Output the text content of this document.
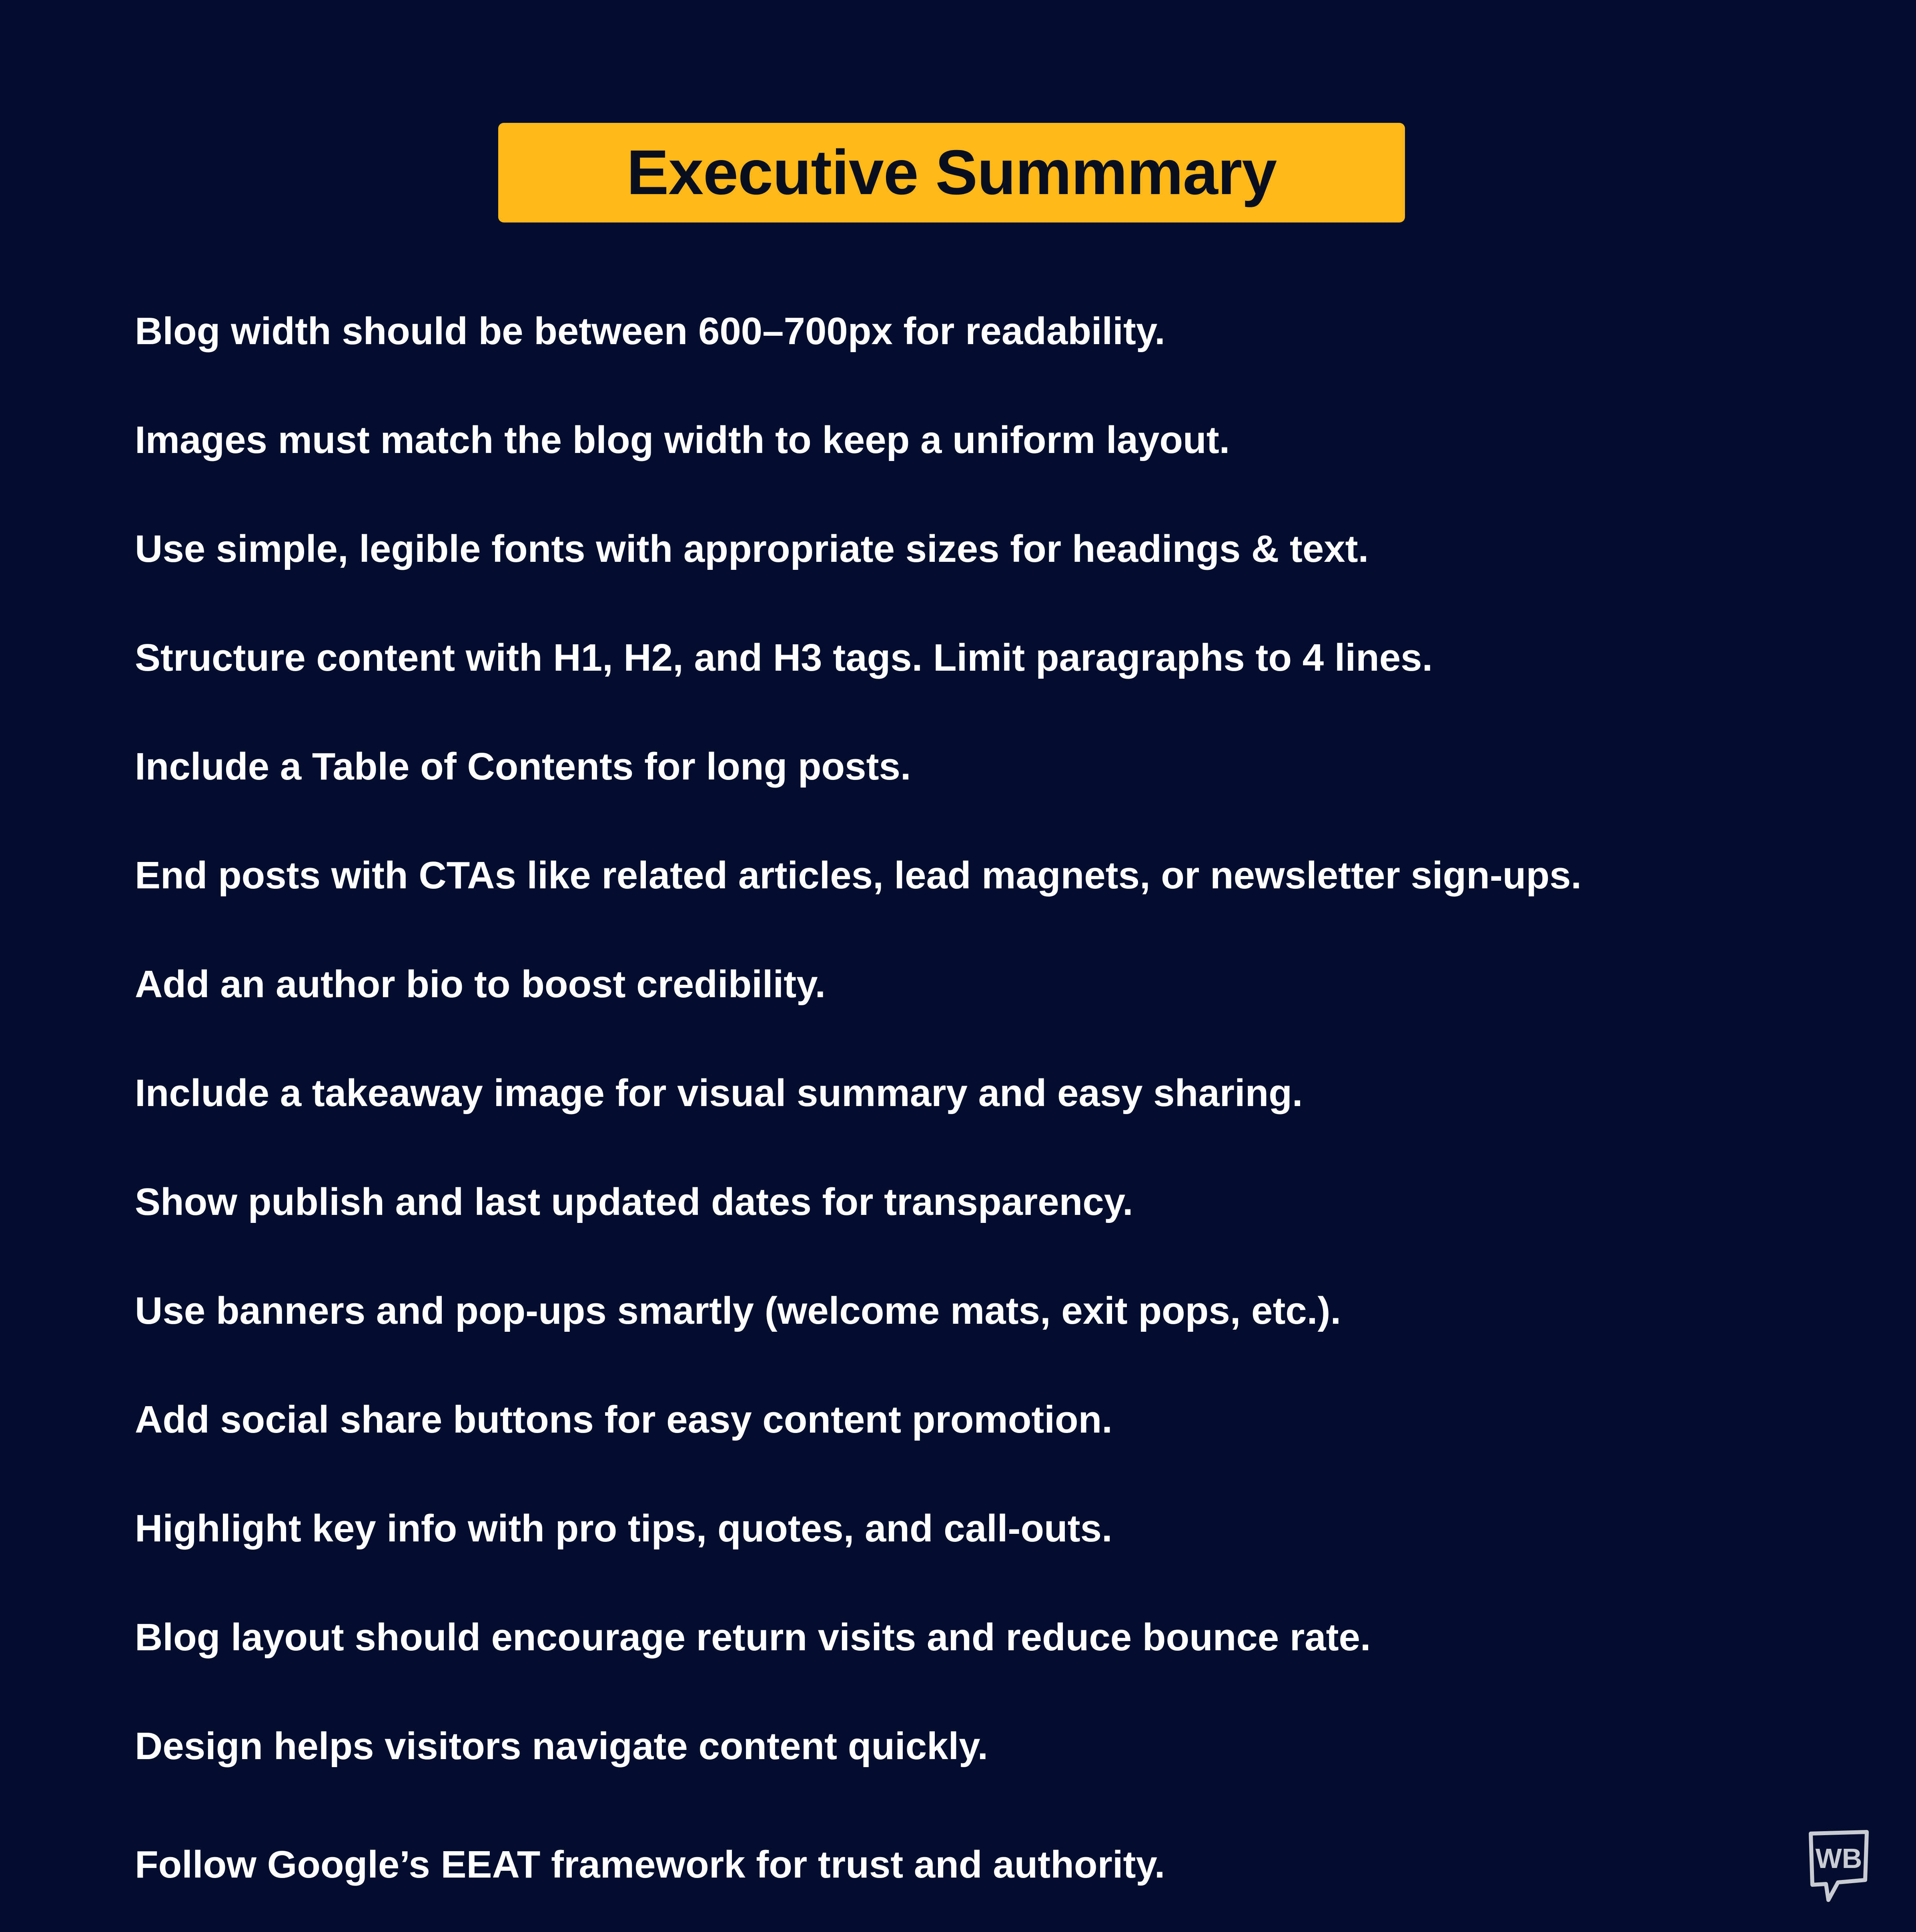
Executive Summmary
Blog width should be between 600–700px for readability.
Images must match the blog width to keep a uniform layout.
Use simple, legible fonts with appropriate sizes for headings & text.
Structure content with H1, H2, and H3 tags. Limit paragraphs to 4 lines.
Include a Table of Contents for long posts.
End posts with CTAs like related articles, lead magnets, or newsletter sign-ups.
Add an author bio to boost credibility.
Include a takeaway image for visual summary and easy sharing.
Show publish and last updated dates for transparency.
Use banners and pop-ups smartly (welcome mats, exit pops, etc.).
Add social share buttons for easy content promotion.
Highlight key info with pro tips, quotes, and call-outs.
Blog layout should encourage return visits and reduce bounce rate.
Design helps visitors navigate content quickly.
Follow Google’s EEAT framework for trust and authority.	WB
